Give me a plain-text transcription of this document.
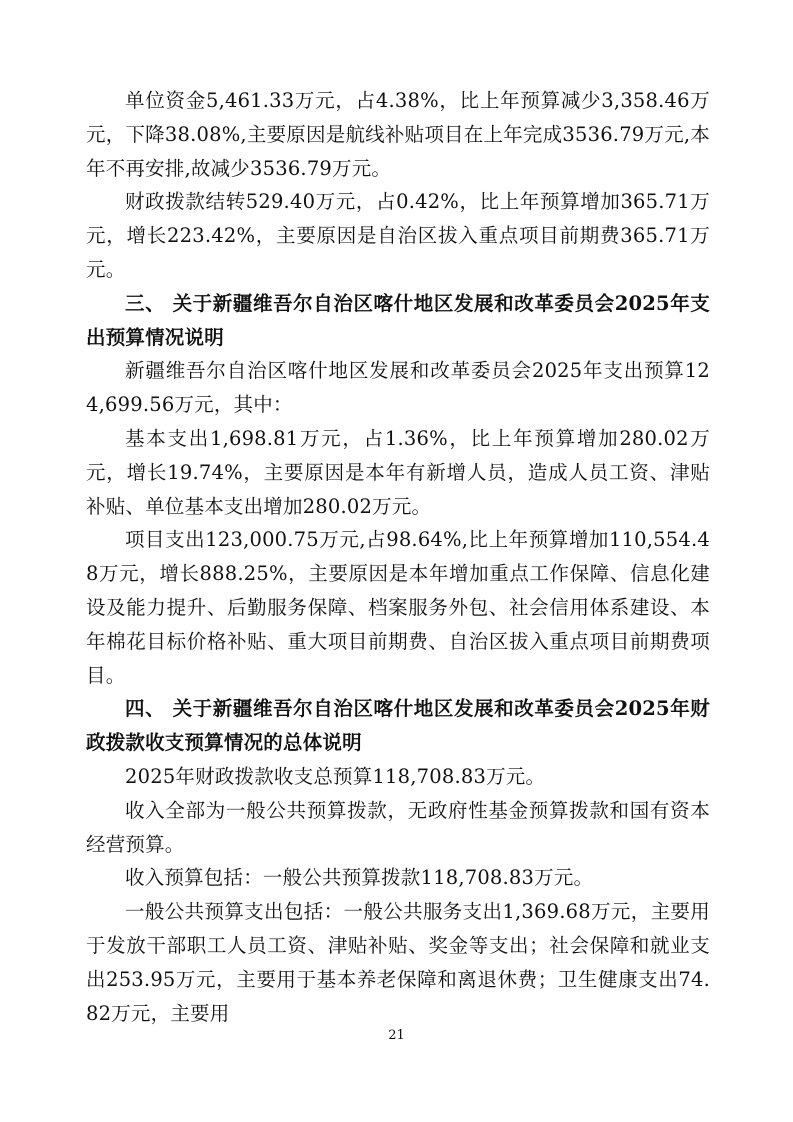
单位资金5,461.33万元，占4.38%，比上年预算减少3,358.46万元，下降38.08%,主要原因是航线补贴项目在上年完成3536.79万元,本年不再安排,故减少3536.79万元。

财政拨款结转529.40万元，占0.42%，比上年预算增加365.71万元，增长223.42%，主要原因是自治区拔入重点项目前期费365.71万元。

三、 关于新疆维吾尔自治区喀什地区发展和改革委员会2025年支出预算情况说明

新疆维吾尔自治区喀什地区发展和改革委员会2025年支出预算124,699.56万元，其中：

基本支出1,698.81万元，占1.36%，比上年预算增加280.02万元，增长19.74%，主要原因是本年有新增人员，造成人员工资、津贴补贴、单位基本支出增加280.02万元。

项目支出123,000.75万元,占98.64%,比上年预算增加110,554.48万元，增长888.25%，主要原因是本年增加重点工作保障、信息化建设及能力提升、后勤服务保障、档案服务外包、社会信用体系建设、本年棉花目标价格补贴、重大项目前期费、自治区拔入重点项目前期费项目。

四、 关于新疆维吾尔自治区喀什地区发展和改革委员会2025年财政拨款收支预算情况的总体说明

2025年财政拨款收支总预算118,708.83万元。

收入全部为一般公共预算拨款，无政府性基金预算拨款和国有资本经营预算。

收入预算包括：一般公共预算拨款118,708.83万元。

一般公共预算支出包括：一般公共服务支出1,369.68万元，主要用于发放干部职工人员工资、津贴补贴、奖金等支出；社会保障和就业支出253.95万元，主要用于基本养老保障和离退休费；卫生健康支出74.82万元，主要用

21
